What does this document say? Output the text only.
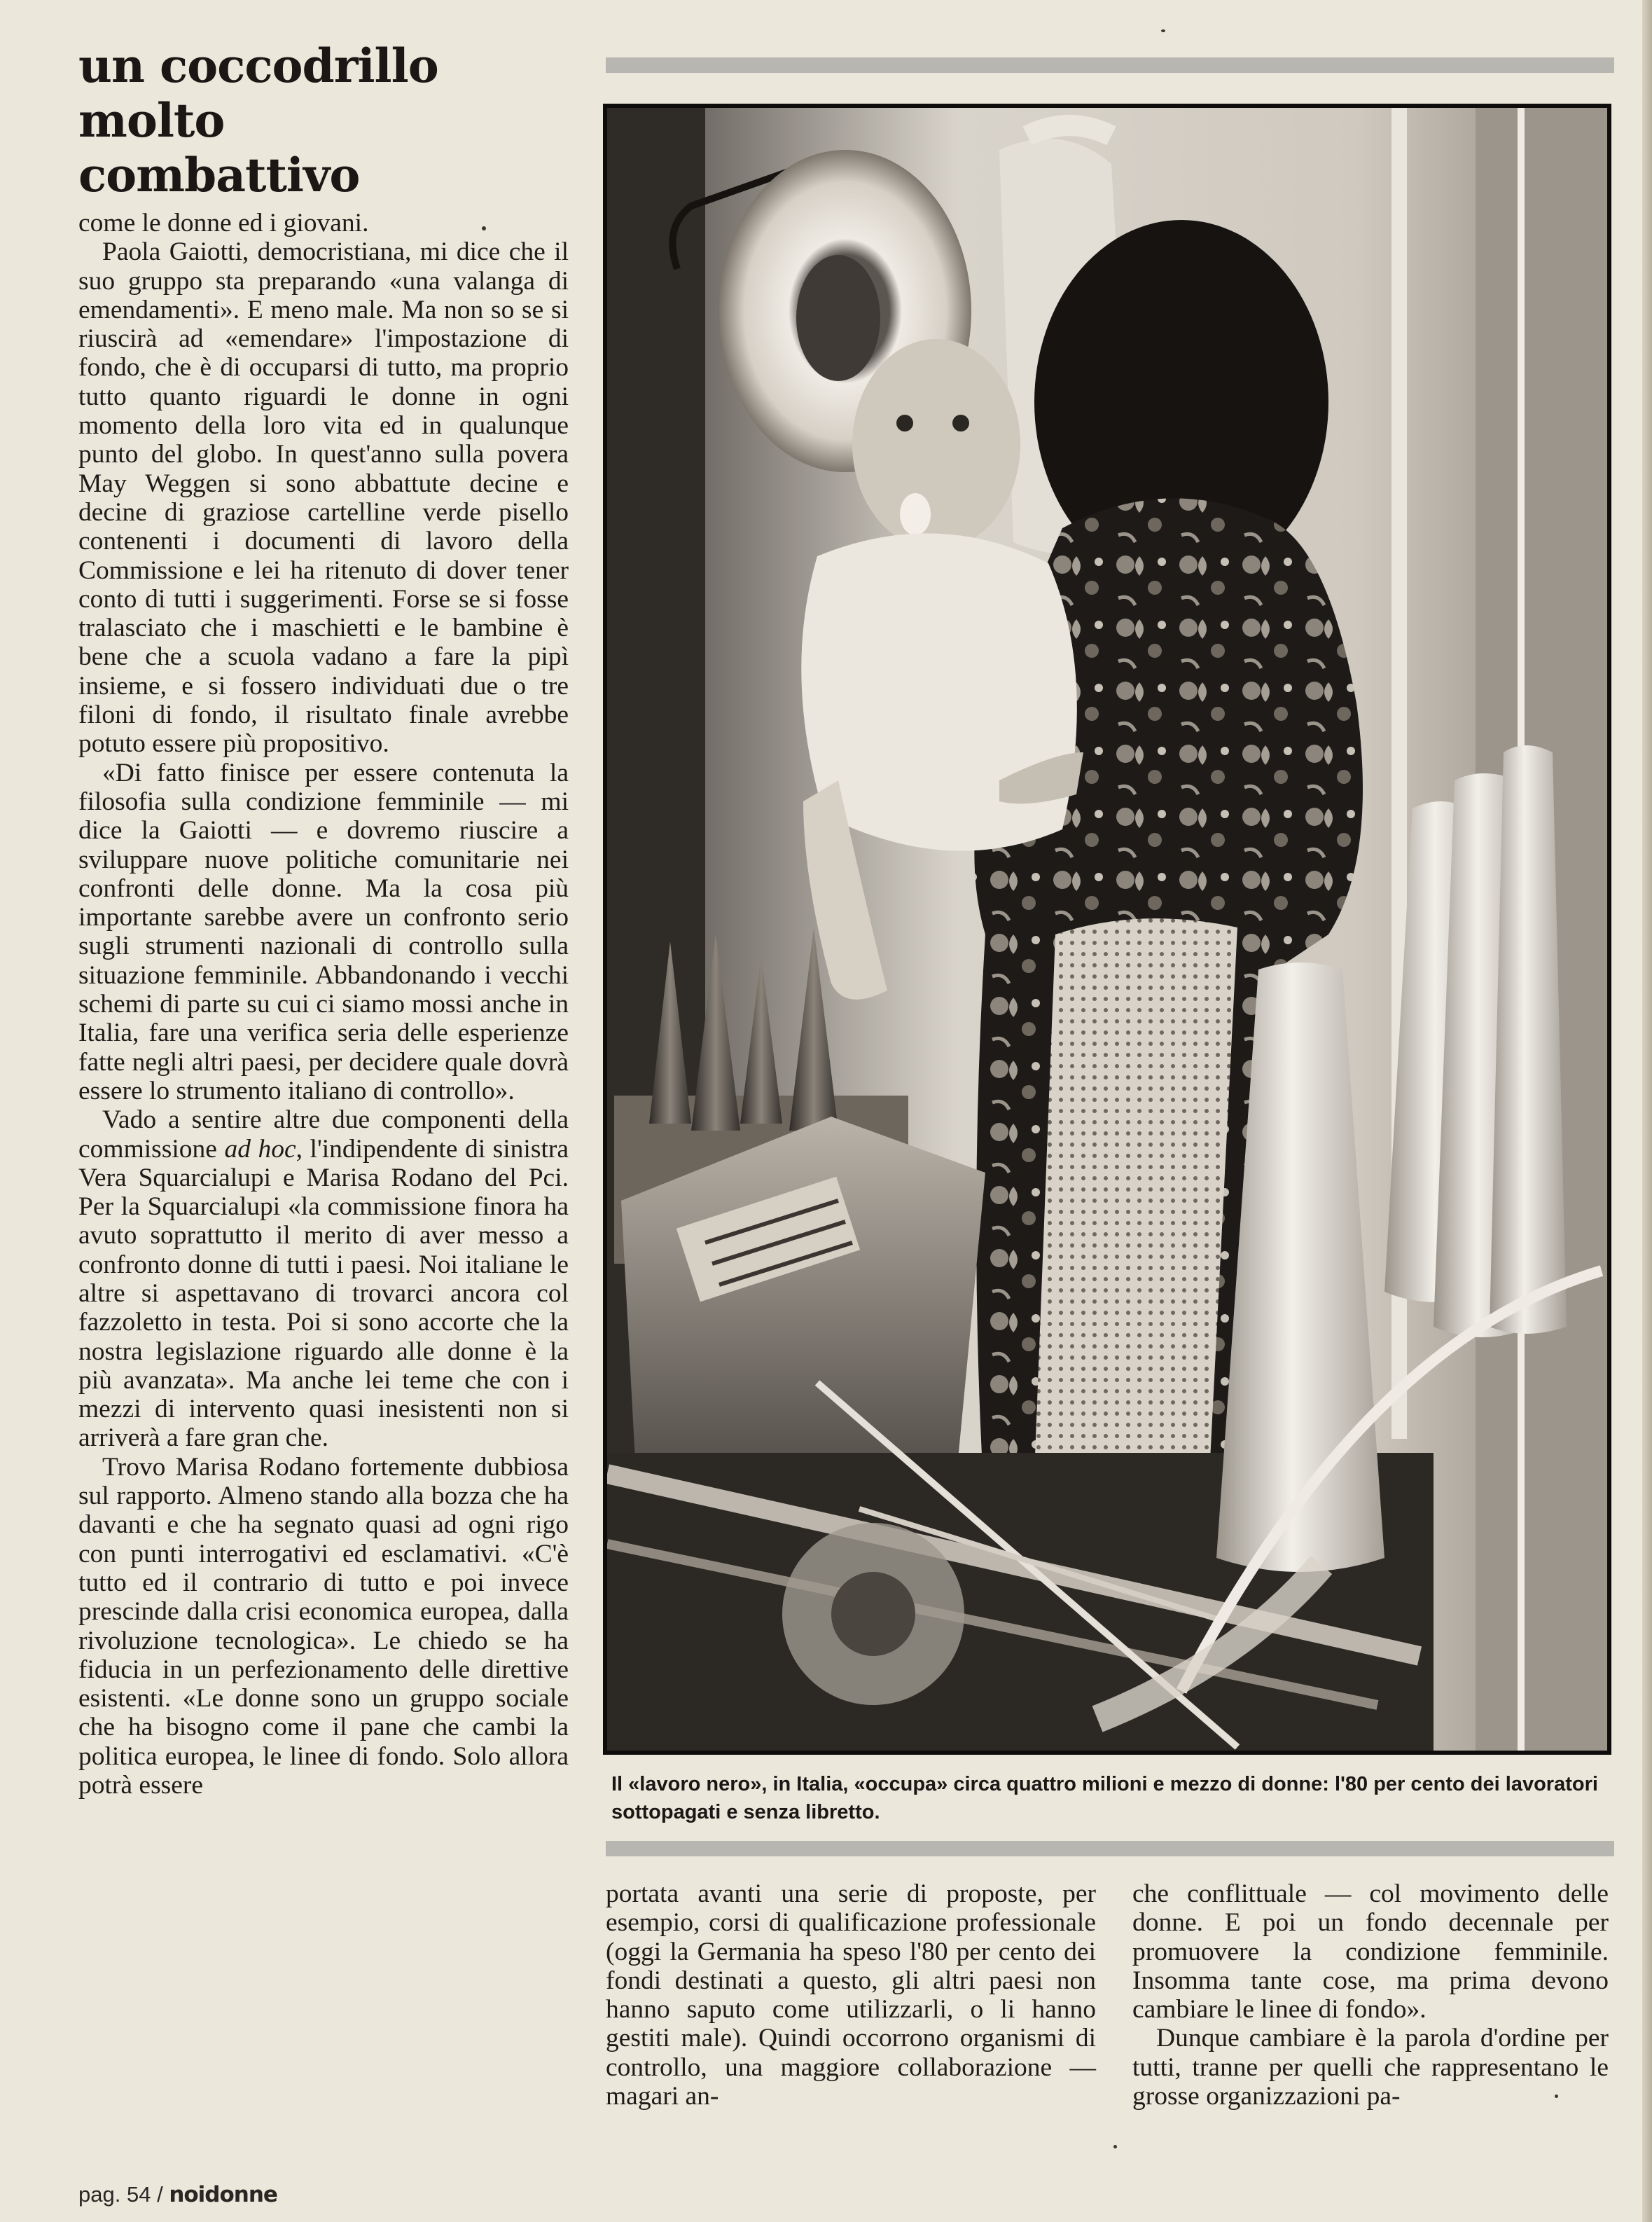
un coccodrillo
molto
combattivo

come le donne ed i giovani.

Paola Gaiotti, democristiana, mi dice che il suo gruppo sta preparando «una valanga di emendamenti». E meno male. Ma non so se si riuscirà ad «emendare» l'impostazione di fondo, che è di occuparsi di tutto, ma proprio tutto quanto riguardi le donne in ogni momento della loro vita ed in qualunque punto del globo. In quest'anno sulla povera May Weggen si sono abbattute decine e decine di graziose cartelline verde pisello contenenti i documenti di lavoro della Commissione e lei ha ritenuto di dover tener conto di tutti i suggerimenti. Forse se si fosse tralasciato che i maschietti e le bambine è bene che a scuola vadano a fare la pipì insieme, e si fossero individuati due o tre filoni di fondo, il risultato finale avrebbe potuto essere più propositivo.

«Di fatto finisce per essere contenuta la filosofia sulla condizione femminile — mi dice la Gaiotti — e dovremo riuscire a sviluppare nuove politiche comunitarie nei confronti delle donne. Ma la cosa più importante sarebbe avere un confronto serio sugli strumenti nazionali di controllo sulla situazione femminile. Abbandonando i vecchi schemi di parte su cui ci siamo mossi anche in Italia, fare una verifica seria delle esperienze fatte negli altri paesi, per decidere quale dovrà essere lo strumento italiano di controllo».

Vado a sentire altre due componenti della commissione ad hoc, l'indipendente di sinistra Vera Squarcialupi e Marisa Rodano del Pci. Per la Squarcialupi «la commissione finora ha avuto soprattutto il merito di aver messo a confronto donne di tutti i paesi. Noi italiane le altre si aspettavano di trovarci ancora col fazzoletto in testa. Poi si sono accorte che la nostra legislazione riguardo alle donne è la più avanzata». Ma anche lei teme che con i mezzi di intervento quasi inesistenti non si arriverà a fare gran che.

Trovo Marisa Rodano fortemente dubbiosa sul rapporto. Almeno stando alla bozza che ha davanti e che ha segnato quasi ad ogni rigo con punti interrogativi ed esclamativi. «C'è tutto ed il contrario di tutto e poi invece prescinde dalla crisi economica europea, dalla rivoluzione tecnologica». Le chiedo se ha fiducia in un perfezionamento delle direttive esistenti. «Le donne sono un gruppo sociale che ha bisogno come il pane che cambi la politica europea, le linee di fondo. Solo allora potrà essere	Il «lavoro nero», in Italia, «occupa» circa quattro milioni e mezzo di donne: l'80 per cento dei lavoratori sottopagati e senza libretto.

portata avanti una serie di proposte, per esempio, corsi di qualificazione professionale (oggi la Germania ha speso l'80 per cento dei fondi destinati a questo, gli altri paesi non hanno saputo come utilizzarli, o li hanno gestiti male). Quindi occorrono organismi di controllo, una maggiore collaborazione — magari an-

che conflittuale — col movimento delle donne. E poi un fondo decennale per promuovere la condizione femminile. Insomma tante cose, ma prima devono cambiare le linee di fondo».

Dunque cambiare è la parola d'ordine per tutti, tranne per quelli che rappresentano le grosse organizzazioni pa-

pag. 54 / noidonne
